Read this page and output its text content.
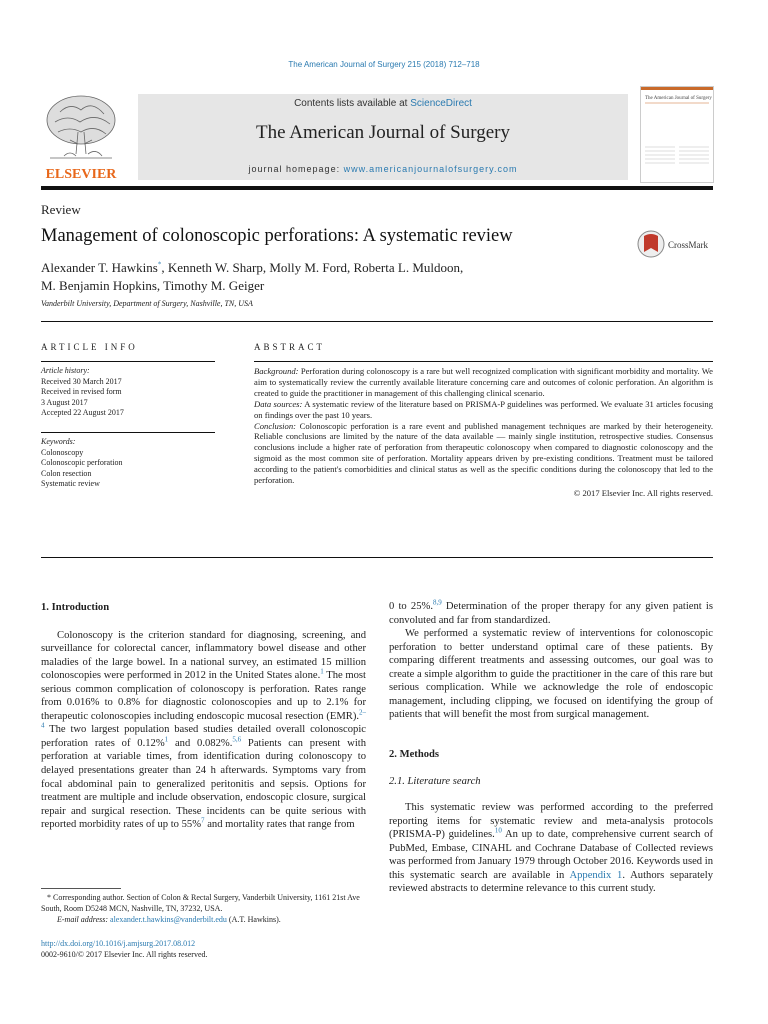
The American Journal of Surgery 215 (2018) 712–718
ELSEVIER
Contents lists available at ScienceDirect
The American Journal of Surgery
journal homepage: www.americanjournalofsurgery.com
The American Journal of Surgery
Review
Management of colonoscopic perforations: A systematic review	CrossMark
Alexander T. Hawkins*, Kenneth W. Sharp, Molly M. Ford, Roberta L. Muldoon,
M. Benjamin Hopkins, Timothy M. Geiger
Vanderbilt University, Department of Surgery, Nashville, TN, USA
ARTICLE INFO	ABSTRACT
Article history:
Received 30 March 2017
Received in revised form
3 August 2017
Accepted 22 August 2017
Keywords:
Colonoscopy
Colonoscopic perforation
Colon resection
Systematic review

Background: Perforation during colonoscopy is a rare but well recognized complication with significant morbidity and mortality. We aim to systematically review the currently available literature concerning care and outcomes of colonic perforation. An algorithm is created to guide the practitioner in management of this challenging clinical scenario.

Data sources: A systematic review of the literature based on PRISMA-P guidelines was performed. We evaluate 31 articles focusing on findings over the past 10 years.

Conclusion: Colonoscopic perforation is a rare event and published management techniques are marked by their heterogeneity. Reliable conclusions are limited by the nature of the data available — mainly single institution, retrospective studies. Consensus conclusions include a higher rate of perforation from therapeutic colonoscopy when compared to diagnostic colonoscopy and the sigmoid as the most common site of perforation. Mortality appears driven by pre-existing conditions. Treatment must be tailored according to the patient's comorbidities and clinical status as well as the specific conditions during the colonoscopy that led to the perforation.

© 2017 Elsevier Inc. All rights reserved.

1. Introduction

Colonoscopy is the criterion standard for diagnosing, screening, and surveillance for colorectal cancer, inflammatory bowel disease and other maladies of the large bowel. In a national survey, an estimated 15 million colonoscopies were performed in 2012 in the United States alone.$^1$ The most serious common complication of colonoscopy is perforation. Rates range from 0.016% to 0.8% for diagnostic colonoscopies and up to 2.1% for therapeutic colonoscopies including endoscopic mucosal resection (EMR).$^{2-4}$ The two largest population based studies detailed overall colonoscopic perforation rates of 0.12%$^1$ and 0.082%.$^{5,6}$ Patients can present with perforation at variable times, from identification during colonoscopy to delayed presentations greater than 24 h afterwards. Symptoms vary from focal abdominal pain to generalized peritonitis and sepsis. Options for treatment are multiple and include observation, endoscopic closure, surgical repair and surgical resection. These incidents can be quite serious with reported morbidity rates of up to 55%$^7$ and mortality rates that range from

0 to 25%.$^{8,9}$ Determination of the proper therapy for any given patient is convoluted and far from standardized.

We performed a systematic review of interventions for colonoscopic perforation to better understand optimal care of these patients. By comparing different treatments and assessing outcomes, our goal was to create a simple algorithm to guide the practitioner in the care of this rare but serious complication. While we acknowledge the role of endoscopic management, including clipping, we focused on identifying the group of patients that will benefit the most from surgical management.

2. Methods
2.1. Literature search

This systematic review was performed according to the preferred reporting items for systematic review and meta-analysis protocols (PRISMA-P) guidelines.$^{10}$ An up to date, comprehensive current search of PubMed, Embase, CINAHL and Cochrane Database of Collected reviews was performed from January 1979 through October 2016. Keywords used in this systematic search are available in Appendix 1. Authors separately reviewed abstracts to determine relevance to this current study.

* Corresponding author. Section of Colon & Rectal Surgery, Vanderbilt University, 1161 21st Ave South, Room D5248 MCN, Nashville, TN, 37232, USA.
E-mail address: alexander.t.hawkins@vanderbilt.edu (A.T. Hawkins).
http://dx.doi.org/10.1016/j.amjsurg.2017.08.012
0002-9610/© 2017 Elsevier Inc. All rights reserved.
